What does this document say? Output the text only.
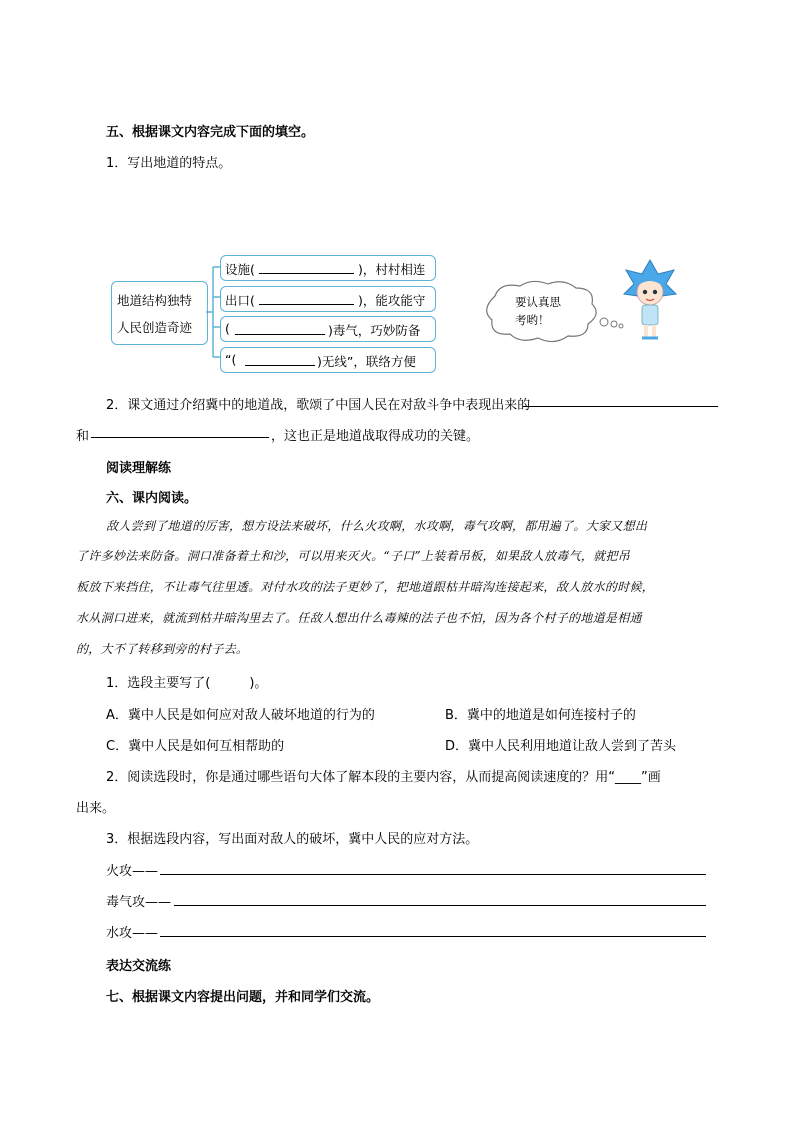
五、根据课文内容完成下面的填空。
1．写出地道的特点。
地道结构独特
人民创造奇迹
设施(	)，村村相连
出口(	)，能攻能守
(	)毒气，巧妙防备
“(	)无线”，联络方便
要认真思
考哟！
2．课文通过介绍冀中的地道战，歌颂了中国人民在对敌斗争中表现出来的
和	，这也正是地道战取得成功的关键。
阅读理解练
六、课内阅读。
敌人尝到了地道的厉害，想方设法来破坏，什么火攻啊，水攻啊，毒气攻啊，都用遍了。大家又想出
了许多妙法来防备。洞口准备着土和沙，可以用来灭火。“子口”上装着吊板，如果敌人放毒气，就把吊
板放下来挡住，不让毒气往里透。对付水攻的法子更妙了，把地道跟枯井暗沟连接起来，敌人放水的时候，
水从洞口进来，就流到枯井暗沟里去了。任敌人想出什么毒辣的法子也不怕，因为各个村子的地道是相通
的，大不了转移到旁的村子去。
1．选段主要写了(　　　)。
A．冀中人民是如何应对敌人破坏地道的行为的	B．冀中的地道是如何连接村子的
C．冀中人民是如何互相帮助的	D．冀中人民利用地道让敌人尝到了苦头
2．阅读选段时，你是通过哪些语句大体了解本段的主要内容，从而提高阅读速度的？用“____”画
出来。
3．根据选段内容，写出面对敌人的破坏，冀中人民的应对方法。
火攻——
毒气攻——
水攻——
表达交流练
七、根据课文内容提出问题，并和同学们交流。
